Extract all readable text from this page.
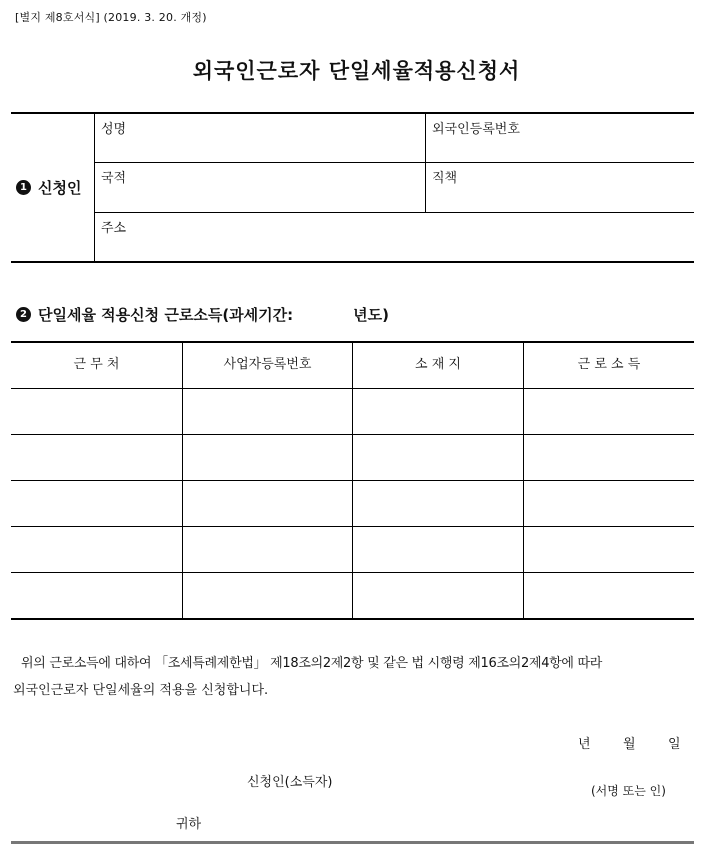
[별지 제8호서식] (2019. 3. 20. 개정)
외국인근로자 단일세율적용신청서
1 신청인
성명	외국인등록번호
국적	직책
주소
2 단일세율 적용신청 근로소득(과세기간:	년도)
근 무 처	사업자등록번호	소 재 지	근 로 소 득
위의 근로소득에 대하여 「조세특례제한법」 제18조의2제2항 및 같은 법 시행령 제16조의2제4항에 따라
외국인근로자 단일세율의 적용을 신청합니다.
년 월 일
신청인(소득자)
(서명 또는 인)
귀하
